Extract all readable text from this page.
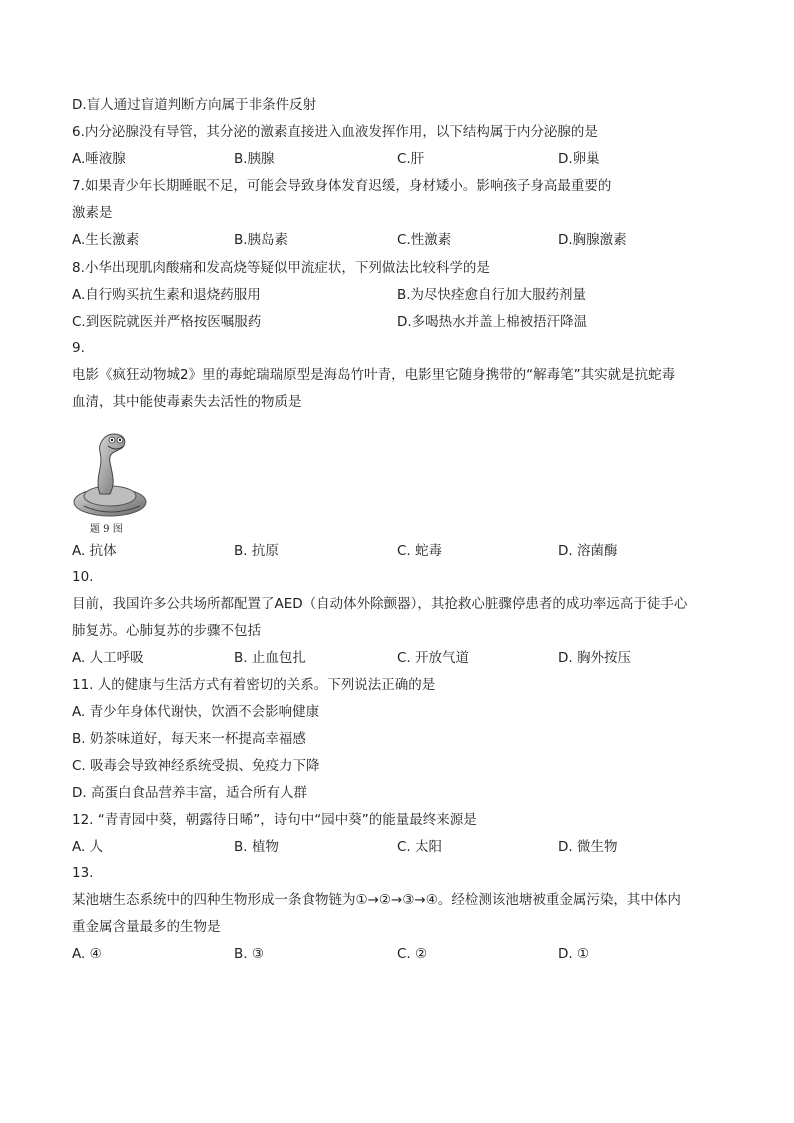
D.盲人通过盲道判断方向属于非条件反射
6.内分泌腺没有导管，其分泌的激素直接进入血液发挥作用，以下结构属于内分泌腺的是
A.唾液腺	B.胰腺	C.肝	D.卵巢
7.如果青少年长期睡眠不足，可能会导致身体发育迟缓，身材矮小。影响孩子身高最重要的
激素是
A.生长激素	B.胰岛素	C.性激素	D.胸腺激素
8.小华出现肌肉酸痛和发高烧等疑似甲流症状，下列做法比较科学的是
A.自行购买抗生素和退烧药服用	B.为尽快痊愈自行加大服药剂量
C.到医院就医并严格按医嘱服药	D.多喝热水并盖上棉被捂汗降温
9.
电影《疯狂动物城2》里的毒蛇瑞瑞原型是海岛竹叶青，电影里它随身携带的“解毒笔”其实就是抗蛇毒
血清，其中能使毒素失去活性的物质是
题 9 图
A. 抗体	B. 抗原	C. 蛇毒	D. 溶菌酶
10.
目前，我国许多公共场所都配置了AED（自动体外除颤器），其抢救心脏骤停患者的成功率远高于徒手心
肺复苏。心肺复苏的步骤不包括
A. 人工呼吸	B. 止血包扎	C. 开放气道	D. 胸外按压
11. 人的健康与生活方式有着密切的关系。下列说法正确的是
A. 青少年身体代谢快，饮酒不会影响健康
B. 奶茶味道好，每天来一杯提高幸福感
C. 吸毒会导致神经系统受损、免疫力下降
D. 高蛋白食品营养丰富，适合所有人群
12. “青青园中葵，朝露待日晞”，诗句中“园中葵”的能量最终来源是
A. 人	B. 植物	C. 太阳	D. 微生物
13.
某池塘生态系统中的四种生物形成一条食物链为①→②→③→④。经检测该池塘被重金属污染，其中体内
重金属含量最多的生物是
A. ④	B. ③	C. ②	D. ①
